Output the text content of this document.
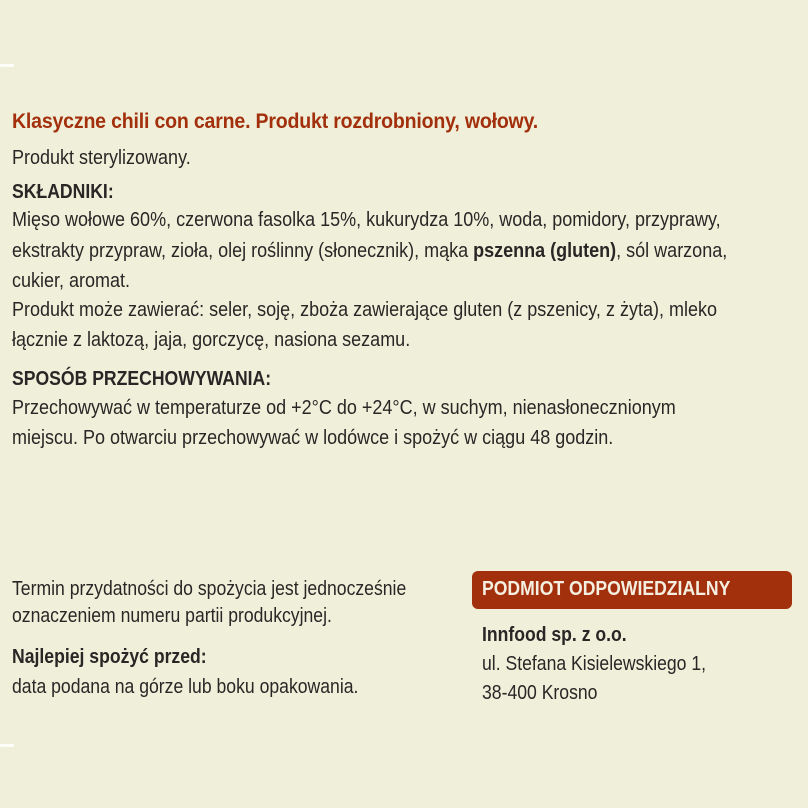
Klasyczne chili con carne. Produkt rozdrobniony, wołowy.
Produkt sterylizowany.
SKŁADNIKI:
Mięso wołowe 60%, czerwona fasolka 15%, kukurydza 10%, woda, pomidory, przyprawy,
ekstrakty przypraw, zioła, olej roślinny (słonecznik), mąka pszenna (gluten), sól warzona,
cukier, aromat.
Produkt może zawierać: seler, soję, zboża zawierające gluten (z pszenicy, z żyta), mleko
łącznie z laktozą, jaja, gorczycę, nasiona sezamu.
SPOSÓB PRZECHOWYWANIA:
Przechowywać w temperaturze od +2°C do +24°C, w suchym, nienasłonecznionym
miejscu. Po otwarciu przechowywać w lodówce i spożyć w ciągu 48 godzin.
Termin przydatności do spożycia jest jednocześnie
oznaczeniem numeru partii produkcyjnej.
Najlepiej spożyć przed:
data podana na górze lub boku opakowania.
PODMIOT ODPOWIEDZIALNY
Innfood sp. z o.o.
ul. Stefana Kisielewskiego 1,
38-400 Krosno
